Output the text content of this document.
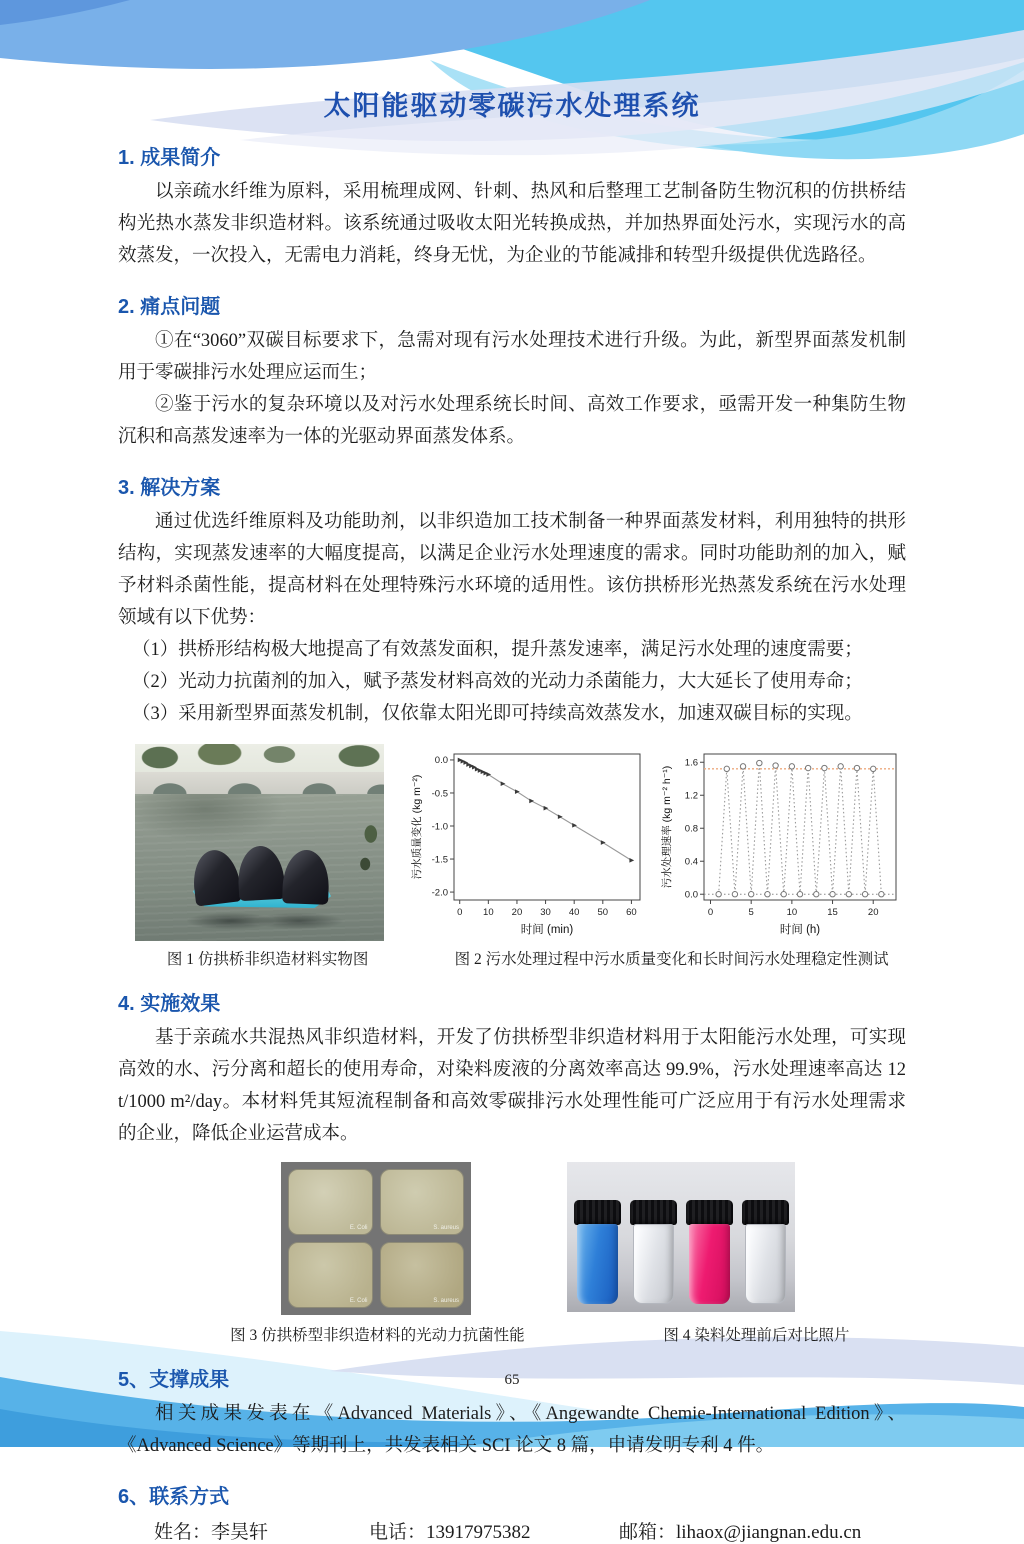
太阳能驱动零碳污水处理系统
1. 成果简介

以亲疏水纤维为原料，采用梳理成网、针刺、热风和后整理工艺制备防生物沉积的仿拱桥结构光热水蒸发非织造材料。该系统通过吸收太阳光转换成热，并加热界面处污水，实现污水的高效蒸发，一次投入，无需电力消耗，终身无忧，为企业的节能减排和转型升级提供优选路径。

2. 痛点问题

①在“3060”双碳目标要求下，急需对现有污水处理技术进行升级。为此，新型界面蒸发机制用于零碳排污水处理应运而生；

②鉴于污水的复杂环境以及对污水处理系统长时间、高效工作要求，亟需开发一种集防生物沉积和高蒸发速率为一体的光驱动界面蒸发体系。

3. 解决方案

通过优选纤维原料及功能助剂，以非织造加工技术制备一种界面蒸发材料，利用独特的拱形结构，实现蒸发速率的大幅度提高，以满足企业污水处理速度的需求。同时功能助剂的加入，赋予材料杀菌性能，提高材料在处理特殊污水环境的适用性。该仿拱桥形光热蒸发系统在污水处理领域有以下优势：

（1）拱桥形结构极大地提高了有效蒸发面积，提升蒸发速率，满足污水处理的速度需要；

（2）光动力抗菌剂的加入，赋予蒸发材料高效的光动力杀菌能力，大大延长了使用寿命；

（3）采用新型界面蒸发机制，仅依靠太阳光即可持续高效蒸发水，加速双碳目标的实现。

0 10 20 30 40 50 60
0.0
-0.5
-1.0
-1.5
-2.0
时间 (min)
污水质量变化 (kg m⁻²)
0	5	10	15	20
0.0
0.4
0.8
1.2
1.6
时间 (h)
污水处理速率 (kg m⁻² h⁻¹)
图 1 仿拱桥非织造材料实物图	图 2 污水处理过程中污水质量变化和长时间污水处理稳定性测试
4. 实施效果

基于亲疏水共混热风非织造材料，开发了仿拱桥型非织造材料用于太阳能污水处理，可实现高效的水、污分离和超长的使用寿命，对染料废液的分离效率高达 99.9%，污水处理速率高达 12 t/1000 m²/day。本材料凭其短流程制备和高效零碳排污水处理性能可广泛应用于有污水处理需求的企业，降低企业运营成本。

E. Coli	S. aureus
E. Coli	S. aureus
图 3 仿拱桥型非织造材料的光动力抗菌性能	图 4 染料处理前后对比照片
5、支撑成果

相关成果发表在《Advanced Materials》、《Angewandte Chemie-International Edition》、《Advanced Science》等期刊上，共发表相关 SCI 论文 8 篇，申请发明专利 4 件。

6、联系方式
姓名：李昊轩	电话：13917975382	邮箱：lihaox@jiangnan.edu.cn
65
